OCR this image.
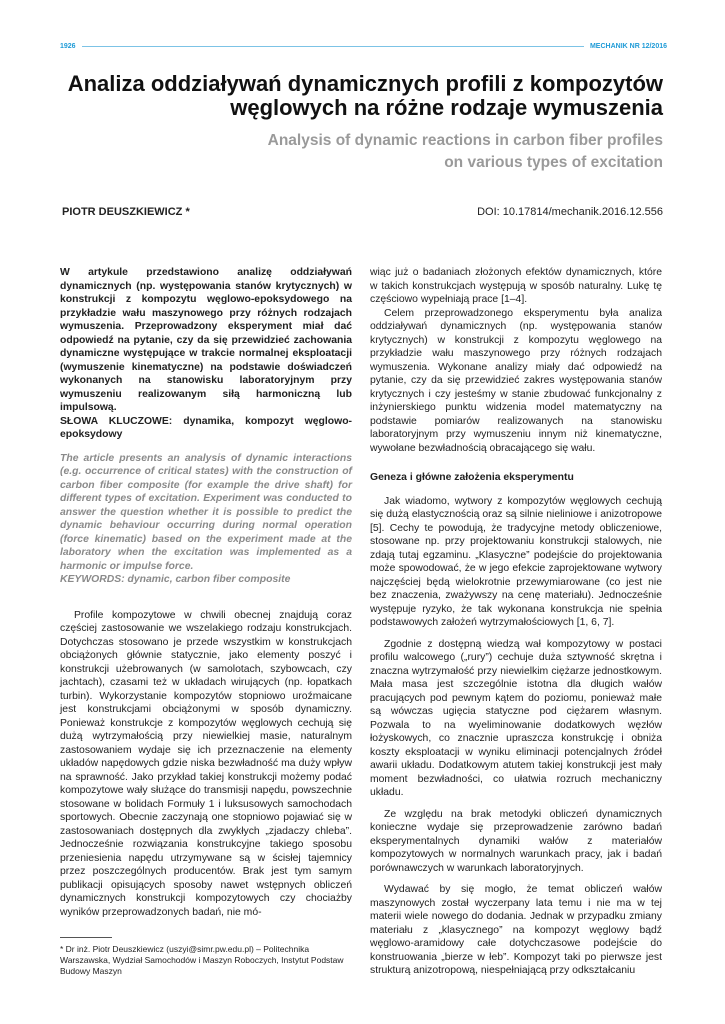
1926	MECHANIK NR 12/2016

Analiza oddziaływań dynamicznych profili z kompozytów
węglowych na różne rodzaje wymuszenia

Analysis of dynamic reactions in carbon fiber profiles
on various types of excitation

PIOTR DEUSZKIEWICZ *	DOI: 10.17814/mechanik.2016.12.556

W artykule przedstawiono analizę oddziaływań dynamicznych (np. występowania stanów krytycznych) w konstrukcji z kompozytu węglowo-epoksydowego na przykładzie wału maszynowego przy różnych rodzajach wymuszenia. Przeprowadzony eksperyment miał dać odpowiedź na pytanie, czy da się przewidzieć zachowania dynamiczne występujące w trakcie normalnej eksploatacji (wymuszenie kinematyczne) na podstawie doświadczeń wykonanych na stanowisku laboratoryjnym przy wymuszeniu realizowanym siłą harmoniczną lub impulsową.

SŁOWA KLUCZOWE: dynamika, kompozyt węglowo-epoksydowy

The article presents an analysis of dynamic interactions (e.g. occurrence of critical states) with the construction of carbon fiber composite (for example the drive shaft) for different types of excitation. Experiment was conducted to answer the question whether it is possible to predict the dynamic behaviour occurring during normal operation (force kinematic) based on the experiment made at the laboratory when the excitation was implemented as a harmonic or impulse force.

KEYWORDS: dynamic, carbon fiber composite

Profile kompozytowe w chwili obecnej znajdują coraz częściej zastosowanie we wszelakiego rodzaju konstrukcjach. Dotychczas stosowano je przede wszystkim w konstrukcjach obciążonych głównie statycznie, jako elementy poszyć i konstrukcji użebrowanych (w samolotach, szybowcach, czy jachtach), czasami też w układach wirujących (np. łopatkach turbin). Wykorzystanie kompozytów stopniowo uroźmaicane jest konstrukcjami obciążonymi w sposób dynamiczny. Ponieważ konstrukcje z kompozytów węglowych cechują się dużą wytrzymałością przy niewielkiej masie, naturalnym zastosowaniem wydaje się ich przeznaczenie na elementy układów napędowych gdzie niska bezwładność ma duży wpływ na sprawność. Jako przykład takiej konstrukcji możemy podać kompozytowe wały służące do transmisji napędu, powszechnie stosowane w bolidach Formuły 1 i luksusowych samochodach sportowych. Obecnie zaczynają one stopniowo pojawiać się w zastosowaniach dostępnych dla zwykłych „zjadaczy chleba”. Jednocześnie rozwiązania konstrukcyjne takiego sposobu przeniesienia napędu utrzymywane są w ścisłej tajemnicy przez poszczególnych producentów. Brak jest tym samym publikacji opisujących sposoby nawet wstępnych obliczeń dynamicznych konstrukcji kompozytowych czy chociażby wyników przeprowadzonych badań, nie mó-

* Dr inż. Piotr Deuszkiewicz (uszyi@simr.pw.edu.pl) – Politechnika Warszawska, Wydział Samochodów i Maszyn Roboczych, Instytut Podstaw Budowy Maszyn

wiąc już o badaniach złożonych efektów dynamicznych, które w takich konstrukcjach występują w sposób naturalny. Lukę tę częściowo wypełniają prace [1–4].

Celem przeprowadzonego eksperymentu była analiza oddziaływań dynamicznych (np. występowania stanów krytycznych) w konstrukcji z kompozytu węglowego na przykładzie wału maszynowego przy różnych rodzajach wymuszenia. Wykonane analizy miały dać odpowiedź na pytanie, czy da się przewidzieć zakres występowania stanów krytycznych i czy jesteśmy w stanie zbudować funkcjonalny z inżynierskiego punktu widzenia model matematyczny na podstawie pomiarów realizowanych na stanowisku laboratoryjnym przy wymuszeniu innym niż kinematyczne, wywołane bezwładnością obracającego się wału.

Geneza i główne założenia eksperymentu

Jak wiadomo, wytwory z kompozytów węglowych cechują się dużą elastycznością oraz są silnie nieliniowe i anizotropowe [5]. Cechy te powodują, że tradycyjne metody obliczeniowe, stosowane np. przy projektowaniu konstrukcji stalowych, nie zdają tutaj egzaminu. „Klasyczne” podejście do projektowania może spowodować, że w jego efekcie zaprojektowane wytwory najczęściej będą wielokrotnie przewymiarowane (co jest nie bez znaczenia, zważywszy na cenę materiału). Jednocześnie występuje ryzyko, że tak wykonana konstrukcja nie spełnia podstawowych założeń wytrzymałościowych [1, 6, 7].

Zgodnie z dostępną wiedzą wał kompozytowy w postaci profilu walcowego („rury”) cechuje duża sztywność skrętna i znaczna wytrzymałość przy niewielkim ciężarze jednostkowym. Mała masa jest szczególnie istotna dla długich wałów pracujących pod pewnym kątem do poziomu, ponieważ małe są wówczas ugięcia statyczne pod ciężarem własnym. Pozwala to na wyeliminowanie dodatkowych węzłów łożyskowych, co znacznie upraszcza konstrukcję i obniża koszty eksploatacji w wyniku eliminacji potencjalnych źródeł awarii układu. Dodatkowym atutem takiej konstrukcji jest mały moment bezwładności, co ułatwia rozruch mechaniczny układu.

Ze względu na brak metodyki obliczeń dynamicznych konieczne wydaje się przeprowadzenie zarówno badań eksperymentalnych dynamiki wałów z materiałów kompozytowych w normalnych warunkach pracy, jak i badań porównawczych w warunkach laboratoryjnych.

Wydawać by się mogło, że temat obliczeń wałów maszynowych został wyczerpany lata temu i nie ma w tej materii wiele nowego do dodania. Jednak w przypadku zmiany materiału z „klasycznego” na kompozyt węglowy bądź węglowo-aramidowy całe dotychczasowe podejście do konstruowania „bierze w łeb”. Kompozyt taki po pierwsze jest strukturą anizotropową, niespełniającą przy odkształcaniu
